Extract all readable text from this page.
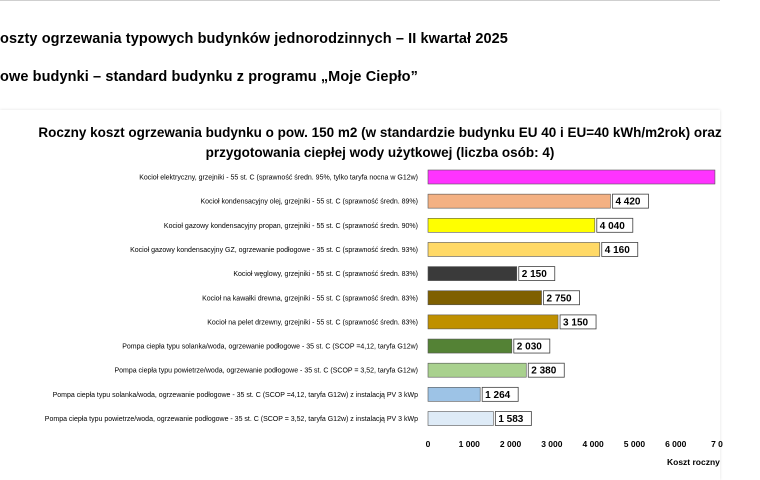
oszty ogrzewania typowych budynków jednorodzinnych – II kwartał 2025
owe budynki – standard budynku z programu „Moje Ciepło”
Roczny koszt ogrzewania budynku o pow. 150 m2 (w standardzie budynku EU 40 i EU=40 kWh/m2rok) oraz
przygotowania ciepłej wody użytkowej (liczba osób: 4)
Kocioł elektryczny, grzejniki - 55 st. C (sprawność średn. 95%, tylko taryfa nocna w G12w)
Kocioł kondensacyjny olej, grzejniki - 55 st. C (sprawność średn. 89%)	4 420
Kocioł gazowy kondensacyjny propan, grzejniki - 55 st. C (sprawność średn. 90%)	4 040
Kocioł gazowy kondensacyjny GZ, ogrzewanie podłogowe - 35 st. C (sprawność średn. 93%)	4 160
Kocioł węglowy, grzejniki - 55 st. C (sprawność średn. 83%)	2 150
Kocioł na kawałki drewna, grzejniki - 55 st. C (sprawność średn. 83%)	2 750
Kocioł na pelet drzewny, grzejniki - 55 st. C (sprawność średn. 83%)	3 150
Pompa ciepła typu solanka/woda, ogrzewanie podłogowe - 35 st. C (SCOP =4,12, taryfa G12w)	2 030
Pompa ciepła typu powietrze/woda, ogrzewanie podłogowe - 35 st. C (SCOP = 3,52, taryfa G12w)	2 380
Pompa ciepła typu solanka/woda, ogrzewanie podłogowe - 35 st. C (SCOP =4,12, taryfa G12w) z instalacją PV 3 kWp	1 264
Pompa ciepła typu powietrze/woda, ogrzewanie podłogowe - 35 st. C (SCOP = 3,52, taryfa G12w) z instalacją PV 3 kWp	1 583
0	1 000 2 000 3 000 4 000 5 000 6 000	7 0
Koszt roczny
